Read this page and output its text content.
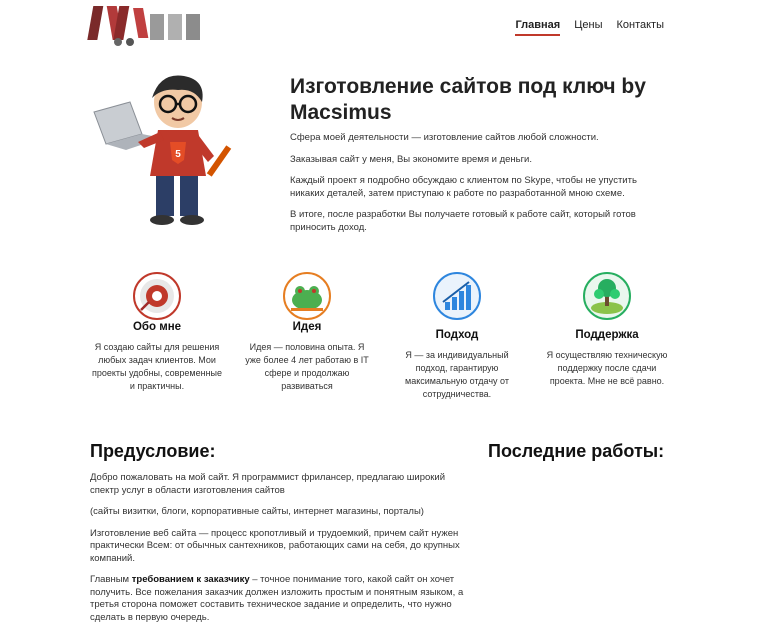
Главная Цены Контакты
5
Изготовление сайтов под ключ by Macsimus

Сфера моей деятельности — изготовление сайтов любой сложности.

Заказывая сайт у меня, Вы экономите время и деньги.

Каждый проект я подробно обсуждаю с клиентом по Skype, чтобы не упустить никаких деталей, затем приступаю к работе по разработанной мною схеме.

В итоге, после разработки Вы получаете готовый к работе сайт, который готов приносить доход.

Обо мне
Я создаю сайты для решения любых задач клиентов. Мои проекты удобны, современные и практичны.
Идея
Идея — половина опыта. Я уже более 4 лет работаю в IT сфере и продолжаю развиваться
Подход
Я — за индивидуальный подход, гарантирую максимальную отдачу от сотрудничества.
Поддержка
Я осуществляю техническую поддержку после сдачи проекта. Мне не всё равно.
Предусловие:	Последние работы:

Добро пожаловать на мой сайт. Я программист фрилансер, предлагаю широкий спектр услуг в области изготовления сайтов

(сайты визитки, блоги, корпоративные сайты, интернет магазины, порталы)

Изготовление веб сайта — процесс кропотливый и трудоемкий, причем сайт нужен практически Всем: от обычных сантехников, работающих сами на себя, до крупных компаний.

Главным требованием к заказчику – точное понимание того, какой сайт он хочет получить. Все пожелания заказчик должен изложить простым и понятным языком, а третья сторона поможет составить техническое задание и определить, что нужно сделать в первую очередь.
